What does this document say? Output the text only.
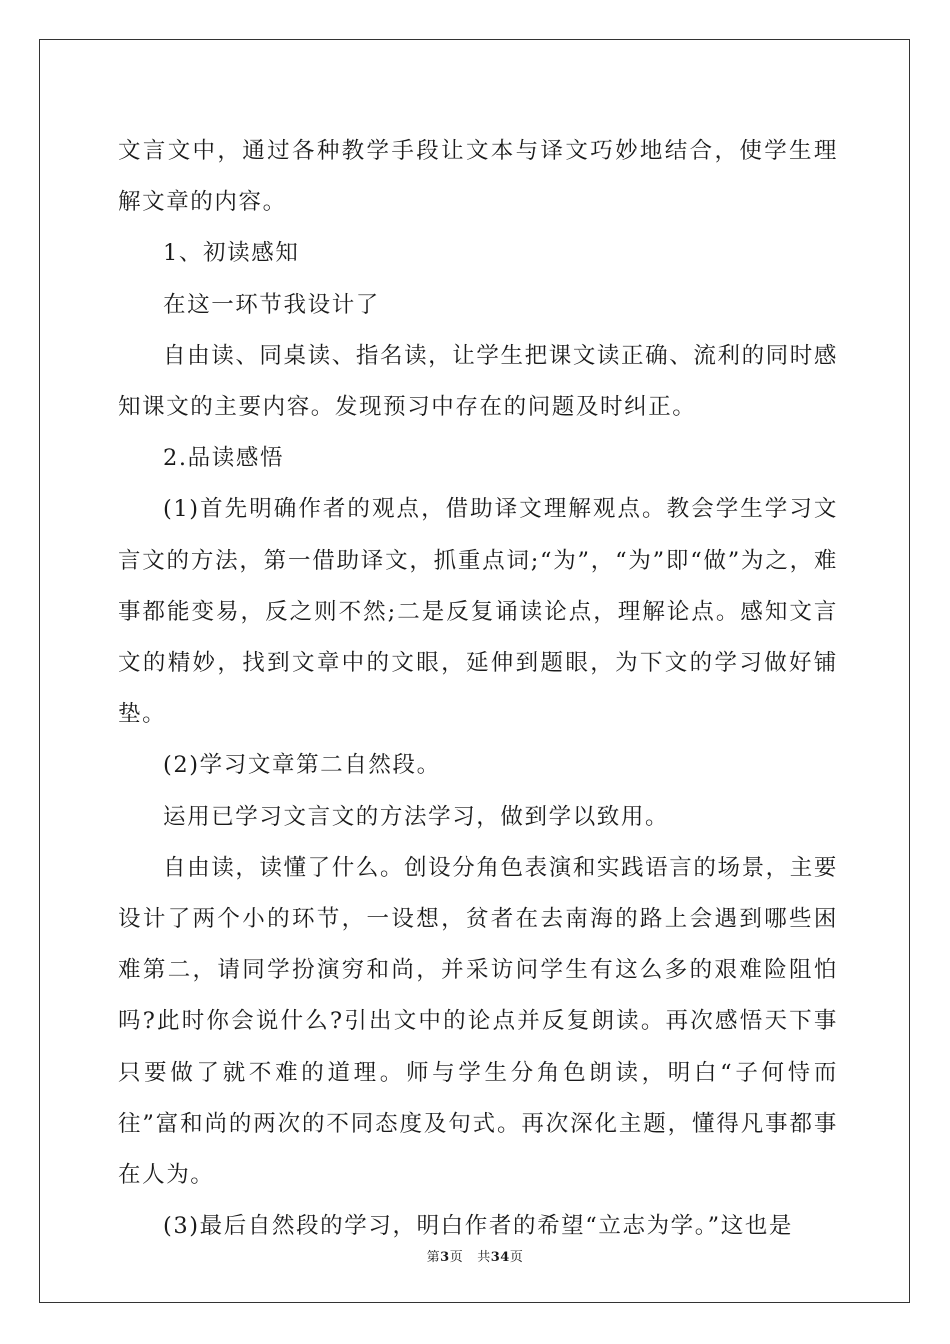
文言文中，通过各种教学手段让文本与译文巧妙地结合，使学生理解文章的内容。

1、初读感知

在这一环节我设计了

自由读、同桌读、指名读，让学生把课文读正确、流利的同时感知课文的主要内容。发现预习中存在的问题及时纠正。

2.品读感悟

(1)首先明确作者的观点，借助译文理解观点。教会学生学习文言文的方法，第一借助译文，抓重点词;“为”，“为”即“做”为之，难事都能变易，反之则不然;二是反复诵读论点，理解论点。感知文言文的精妙，找到文章中的文眼，延伸到题眼，为下文的学习做好铺垫。

(2)学习文章第二自然段。

运用已学习文言文的方法学习，做到学以致用。

自由读，读懂了什么。创设分角色表演和实践语言的场景，主要设计了两个小的环节，一设想，贫者在去南海的路上会遇到哪些困难第二，请同学扮演穷和尚，并采访问学生有这么多的艰难险阻怕吗?此时你会说什么?引出文中的论点并反复朗读。再次感悟天下事只要做了就不难的道理。师与学生分角色朗读，明白“子何恃而往”富和尚的两次的不同态度及句式。再次深化主题，懂得凡事都事在人为。

(3)最后自然段的学习，明白作者的希望“立志为学。”这也是

第3页 共34页
